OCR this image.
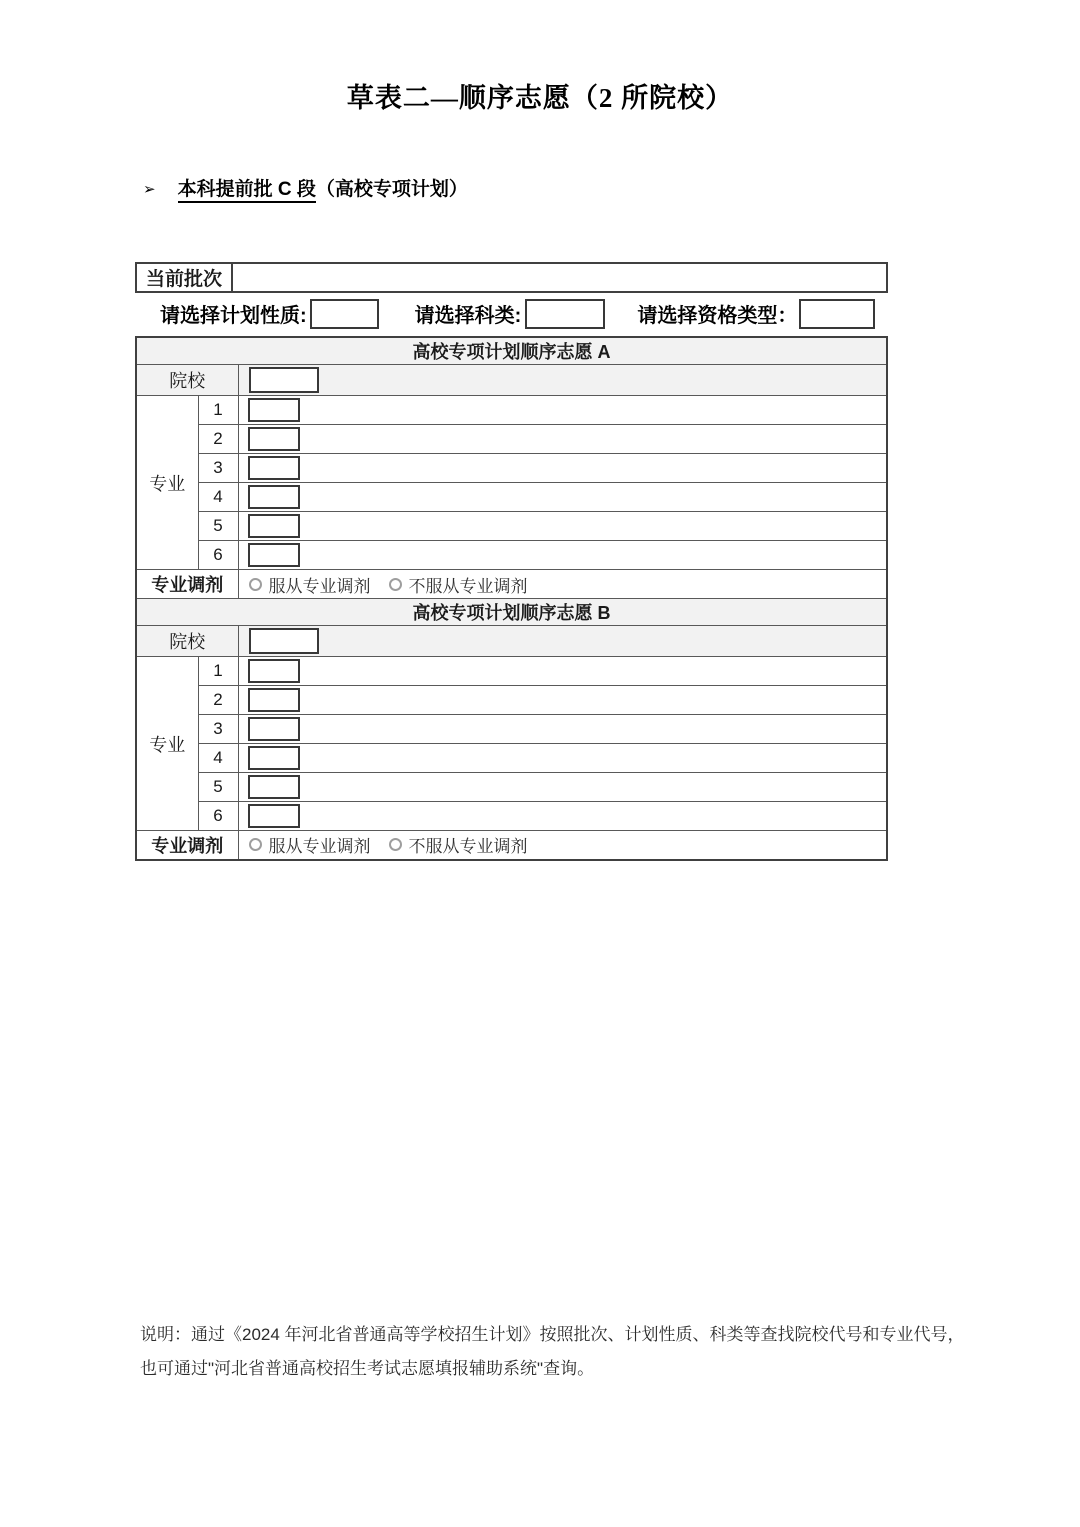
草表二—顺序志愿（2 所院校）
➢ 本科提前批 C 段（高校专项计划）
当前批次
请选择计划性质:	请选择科类:	请选择资格类型：
高校专项计划顺序志愿 A		
院校		

专业	1	

	2	

	3	

	4	

	5	

	6	

专业调剂		服从专业调剂 不服从专业调剂

高校专项计划顺序志愿 B		
院校		

专业	1	

	2	

	3	

	4	

	5	

	6	

专业调剂		服从专业调剂 不服从专业调剂
说明：通过《2024 年河北省普通高等学校招生计划》按照批次、计划性质、科类等查找院校代号和专业代号，也可通过"河北省普通高校招生考试志愿填报辅助系统"查询。
